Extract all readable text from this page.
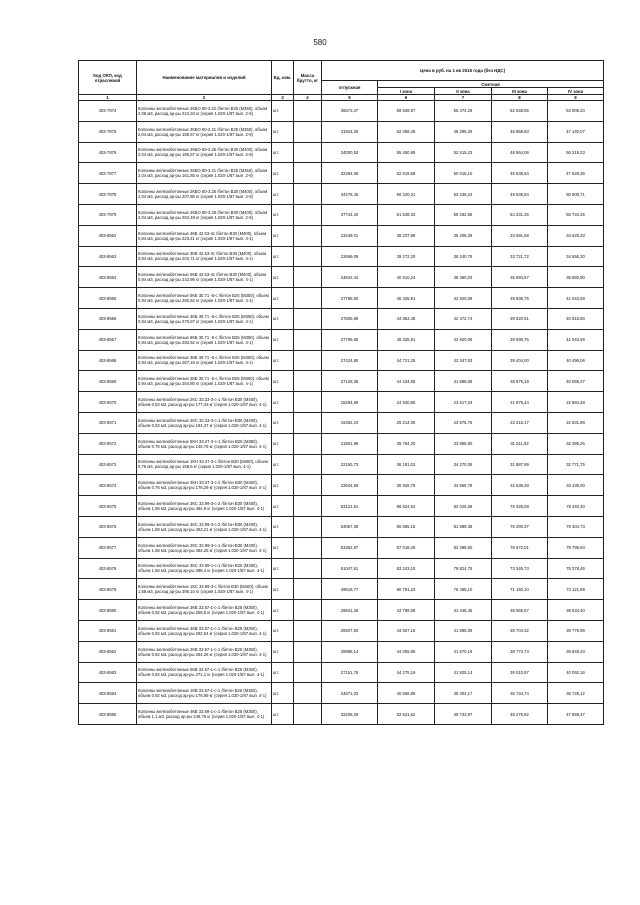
580
Код ОКП, код отраслевой	Наименование материалов и изделий	Ед. изм.	Масса брутто, кг	Цена в руб. на 1 кв 2015 года (без НДС)				
				отпускная	Сметная			
					I зона	II зона	III зона	IV зона
1	2	3	4	5	6	7	8	9
403-7874	Колонны железобетонные 2КБО 60-3.22 /бетон В25 (М350), объем 2,06 м3, расход ар-ры 224,34 кг (серия 1.020-1/87 вып. 2-9)	шт.		36573,47	59 639,87	55 474,29	52 548,85	54 006,20
403-7875	Колонны железобетонные 2КБО 60-2.21 /бетон В25 (М350), объем 2,04 м3, расход ар-ры 159,57 кг (серия 1.020-1/87 вып. 2-9)	шт.		31924,26	52 058,46	48 295,29	45 868,83	47 140,07
403-7876	Колонны железобетонные 2КБО 60-2.25 /бетон В30 (М400), объем 2,04 м3, расход ар-ры 185,57 кг (серия 1.020-1/87 вып. 2-9)	шт.		34000,53	55 450,89	52 515,23	48 864,06	50 219,23
403-7877	Колонны железобетонные 2КБО 60-3.21 /бетон В25 (М350), объем 2,04 м3, расход ар-ры 161,85 кг (серия 1.020-1/87 вып. 2-9)	шт.		32294,06	52 619,68	50 016,10	46 638,54	47 629,36
403-7878	Колонны железобетонные 2КБО 60-3.25 /бетон В30 (М400), объем 2,04 м3, расход ар-ры 207,85 кг (серия 1.020-1/87 вып. 2-9)	шт.		34478,45	56 220,31	53 236,23	49 535,84	50 908,71
403-7879	Колонны железобетонные 2КБО 60-3.28 /бетон В30 (М400), объем 2,04 м3, расход ар-ры 262,49 кг (серия 1.020-1/87 вып. 2-9)	шт.		37744,42	61 548,33	58 262,59	54 231,25	55 734,25
403-8562	Колонны железобетонные 4КБ 42.53-4с /бетон В30 (М400), объем 0,84 м3, расход ар-ры 223,41 кг (серия 1.020-1/87 вып. 4-1)	шт.		23449,01	38 237,98	36 208,39	33 691,58	34 625,33
403-8563	Колонны железобетонные 3КБ 42.53-4с /бетон В30 (М400), объем 0,84 м3, расход ар-ры 203,71 кг (серия 1.020-1/87 вып. 4-1)	шт.		23469,09	39 272,20	36 240,78	33 721,72	34 656,30
403-8564	Колонны железобетонные 5КБ 42.53-4с /бетон В30 (М400), объем 0,84 м3, расход ар-ры 242,99 кг (серия 1.020-1/87 вып. 4-1)	шт.		24842,44	40 510,24	38 360,03	35 693,67	36 682,90
403-8565	Колонны железобетонные 5КБ 30.71 -5-с /бетон В25 (М350), объем 0,94 м3, расход ар-ры 282,52 кг (серия 1.020-1/87 вып. 4-1)	шт.		27795,60	45 325,91	42 920,09	39 936,76	41 043,59
403-8566	Колонны железобетонные 4КБ 30.71 -5-с /бетон В25 (М350), объем 0,94 м3, расход ар-ры 270,87 кг (серия 1.020-1/87 вып. 4-1)	шт.		27505,89	44 853,48	42 472,74	39 520,51	40 615,80
403-8567	Колонны железобетонные 6КБ 30.71 -5-с /бетон В25 (М350), объем 0,94 м3, расход ар-ры 282,52 кг (серия 1.020-1/87 вып. 4-1)	шт.		27795,60	45 325,91	42 920,09	39 936,76	41 043,59
403-8568	Колонны железобетонные 3КБ 30.71 -5-с /бетон В25 (М350), объем 0,94 м3, расход ар-ры 267,16 кг (серия 1.020-1/87 вып. 4-1)	шт.		27424,80	44 721,25	42 347,53	39 404,00	40 496,06
403-8569	Колонны железобетонные 2КБ 30.71 -5-с /бетон В25 (М350), объем 0,94 м3, расход ар-ры 254,80 кг (серия 1.020-1/87 вып. 4-1)	шт.		27128,35	44 234,58	41 888,68	38 975,19	40 055,37
403-8570	Колонны железобетонные 2КС 33.33-3-с-1 /бетон В30 (М400), объем 0,53 м3, расход ар-ры 177,43 кг (серия 1.020-1/87 вып. 4-1)	шт.		15294,69	24 940,85	23 617,03	21 975,44	22 584,48
403-8571	Колонны железобетонные 2КС 33.33-3-с-1 /бетон В30 (М400), объем 0,53 м3, расход ар-ры 184,37 кг (серия 1.020-1/87 вып. 4-1)	шт.		15462,24	25 214,06	23 875,75	22 216,17	22 831,88
403-8572	Колонны железобетонные 5КН 33.47-3-с-1 /бетон В25 (М350), объем 0,76 м3, расход ар-ры 149,76 кг (серия 1.020-1/87 вып. 4-1)	шт.		21901,99	35 764,20	33 865,90	31 511,92	32 385,26
403-8573	Колонны железобетонные 1КН 33.47-3-с /бетон В30 (М400), объем 0,76 м3, расход ар-ры 158,6 кг (серия 1.020-1/87 вып. 4-1)	шт.		22193,73	36 191,02	34 270,06	31 887,99	32 771,75
403-8574	Колонны железобетонные 3КН 33.47-3-с-2 /бетон В30 (М400), объем 0,76 м3, расход ар-ры 178,29 кг (серия 1.020-1/87 вып. 4-1)	шт.		22644,93	36 926,79	34 966,78	32 536,28	33 438,00
403-8575	Колонны железобетонные 3КС 33.99-3-с-2 /бетон В30 (М400), объем 1,58 м3, расход ар-ры 484,9 кг (серия 1.020-1/87 вып. 4-1)	шт.		53121,51	86 624,54	82 026,58	76 325,08	78 440,40
403-8576	Колонны железобетонные 4КС 33.99-3-с-2 /бетон В30 (М400), объем 1,58 м3, расход ар-ры 483,21 кг (серия 1.020-1/87 вып. 4-1)	шт.		53067,36	86 565,15	81 989,38	76 290,37	78 404,73
403-8577	Колонны железобетонные 2КС 33.99-3-с-1 /бетон В30 (М400), объем 1,58 м3, расход ар-ры 494,25 кг (серия 1.020-1/87 вып. 4-1)	шт.		53362,97	87 018,28	82 399,50	76 672,01	78 796,94
403-8578	Колонны железобетонные 3КС 33.99-1-с-1 /бетон В25 (М350), объем 1,58 м3, расход ар-ры 398,4 кг (серия 1.020-1/87 вып. 4-1)	шт.		51047,61	83 243,15	78 824,75	73 345,73	75 378,46
403-8579	Колонны железобетонные 1КС 33.99-3-с /бетон В30 (М400), объем 1,58 м3, расход ар-ры 395,10 кг (серия 1.020-1/87 вып. 4-1)	шт.		49518,77	80 751,23	76 465,10	71 150,10	73 121,99
403-8580	Колонны железобетонные 3КВ 33.57-1-с-1 /бетон В25 (М350), объем 0,92 м3, расход ар-ры 258,5 кг (серия 1.020-1/87 вып. 4-1)	шт.		26841,26	43 769,68	41 446,45	38 565,57	39 634,40
403-8581	Колонны железобетонные 4КВ 33.57-1-с-1 /бетон В25 (М350), объем 0,92 м3, расход ар-ры 262,54 кг (серия 1.020-1/87 вып. 4-1)	шт.		26937,83	43 927,16	41 595,59	38 704,32	39 776,99
403-8562	Колонны железобетонные 2КВ 33.57-1-с-1 /бетон В25 (М350), объем 0,92 м3, расход ар-ры 264,26 кг (серия 1.020-1/87 вып. 4-1)	шт.		26986,14	44 005,95	41 670,19	38 773,74	39 848,34
403-8583	Колонны железобетонные 5КВ 33.57-1-с-1 /бетон В25 (М350), объем 0,92 м3, расход ар-ры 271,1 кг (серия 1.020-1/87 вып. 4-1)	шт.		27151,76	44 275,19	41 925,14	39 010,97	40 092,16
403-8584	Колонны железобетонные 1КВ 33.57-1-с-1 /бетон В25 (М350), объем 0,92 м3, расход ар-ры 176,69 кг (серия 1.020-1/87 вып. 4-1)	шт.		24871,03	40 556,86	38 404,17	35 734,74	36 725,12
403-8585	Колонны железобетонные 4КВ 33.69-1-с-1 /бетон В25 (М350), объем 1,1 м3, расход ар-ры 246,76 кг (серия 1.020-1/87 вып. 4-1)	шт.		32208,29	52 521,62	49 733,87	46 276,92	47 559,47
